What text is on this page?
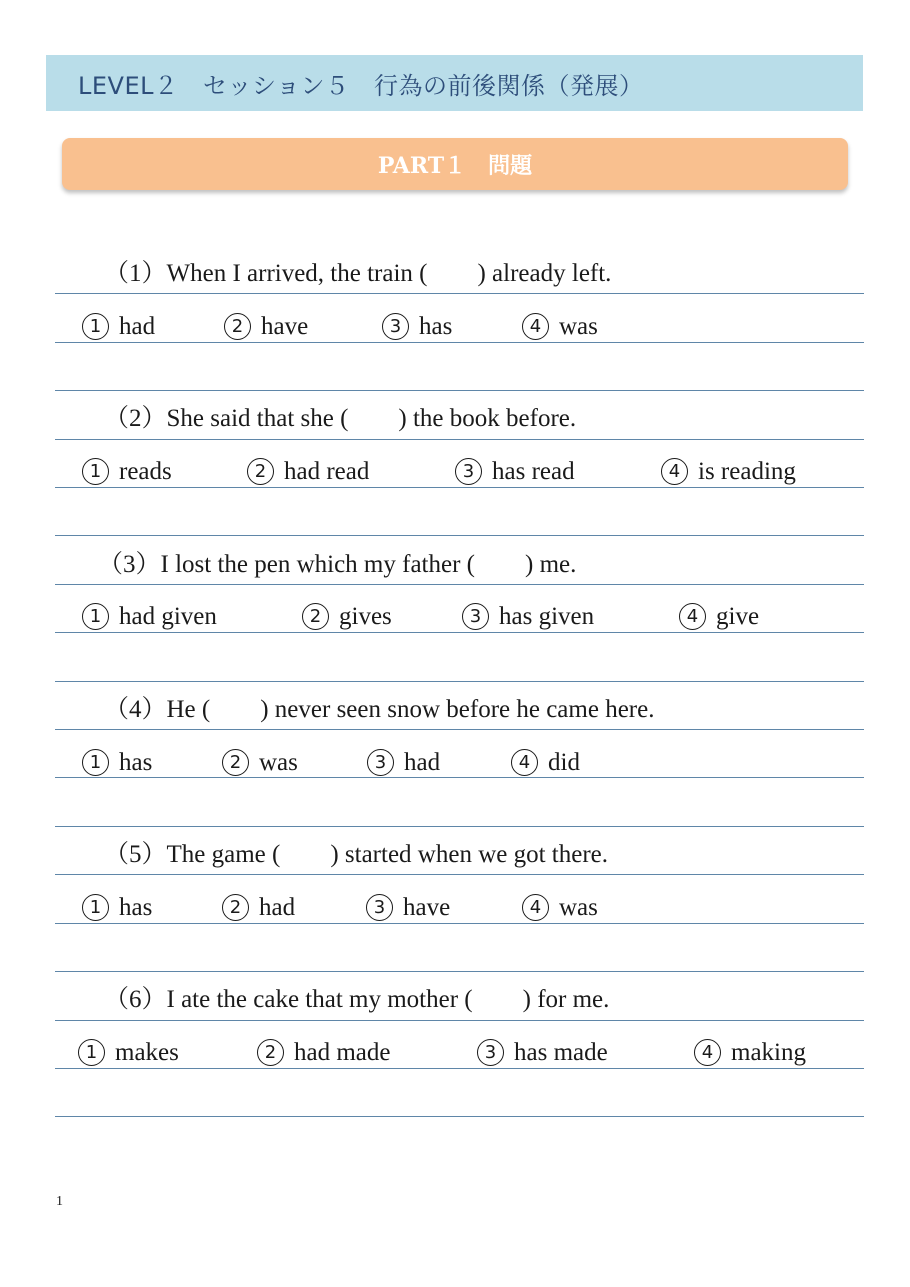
LEVEL２　セッション５　行為の前後関係（発展）
PART１　問題
（1）When I arrived, the train (　　) already left.
1 had	2 have	3 has	4 was
（2）She said that she (　　) the book before.
1 reads	2 had read	3 has read	4 is reading
（3）I lost the pen which my father (　　) me.
1 had given	2 gives	3 has given	4 give
（4）He (　　) never seen snow before he came here.
1 has	2 was	3 had	4 did
（5）The game (　　) started when we got there.
1 has	2 had	3 have	4 was
（6）I ate the cake that my mother (　　) for me.
1 makes	2 had made	3 has made	4 making
1
